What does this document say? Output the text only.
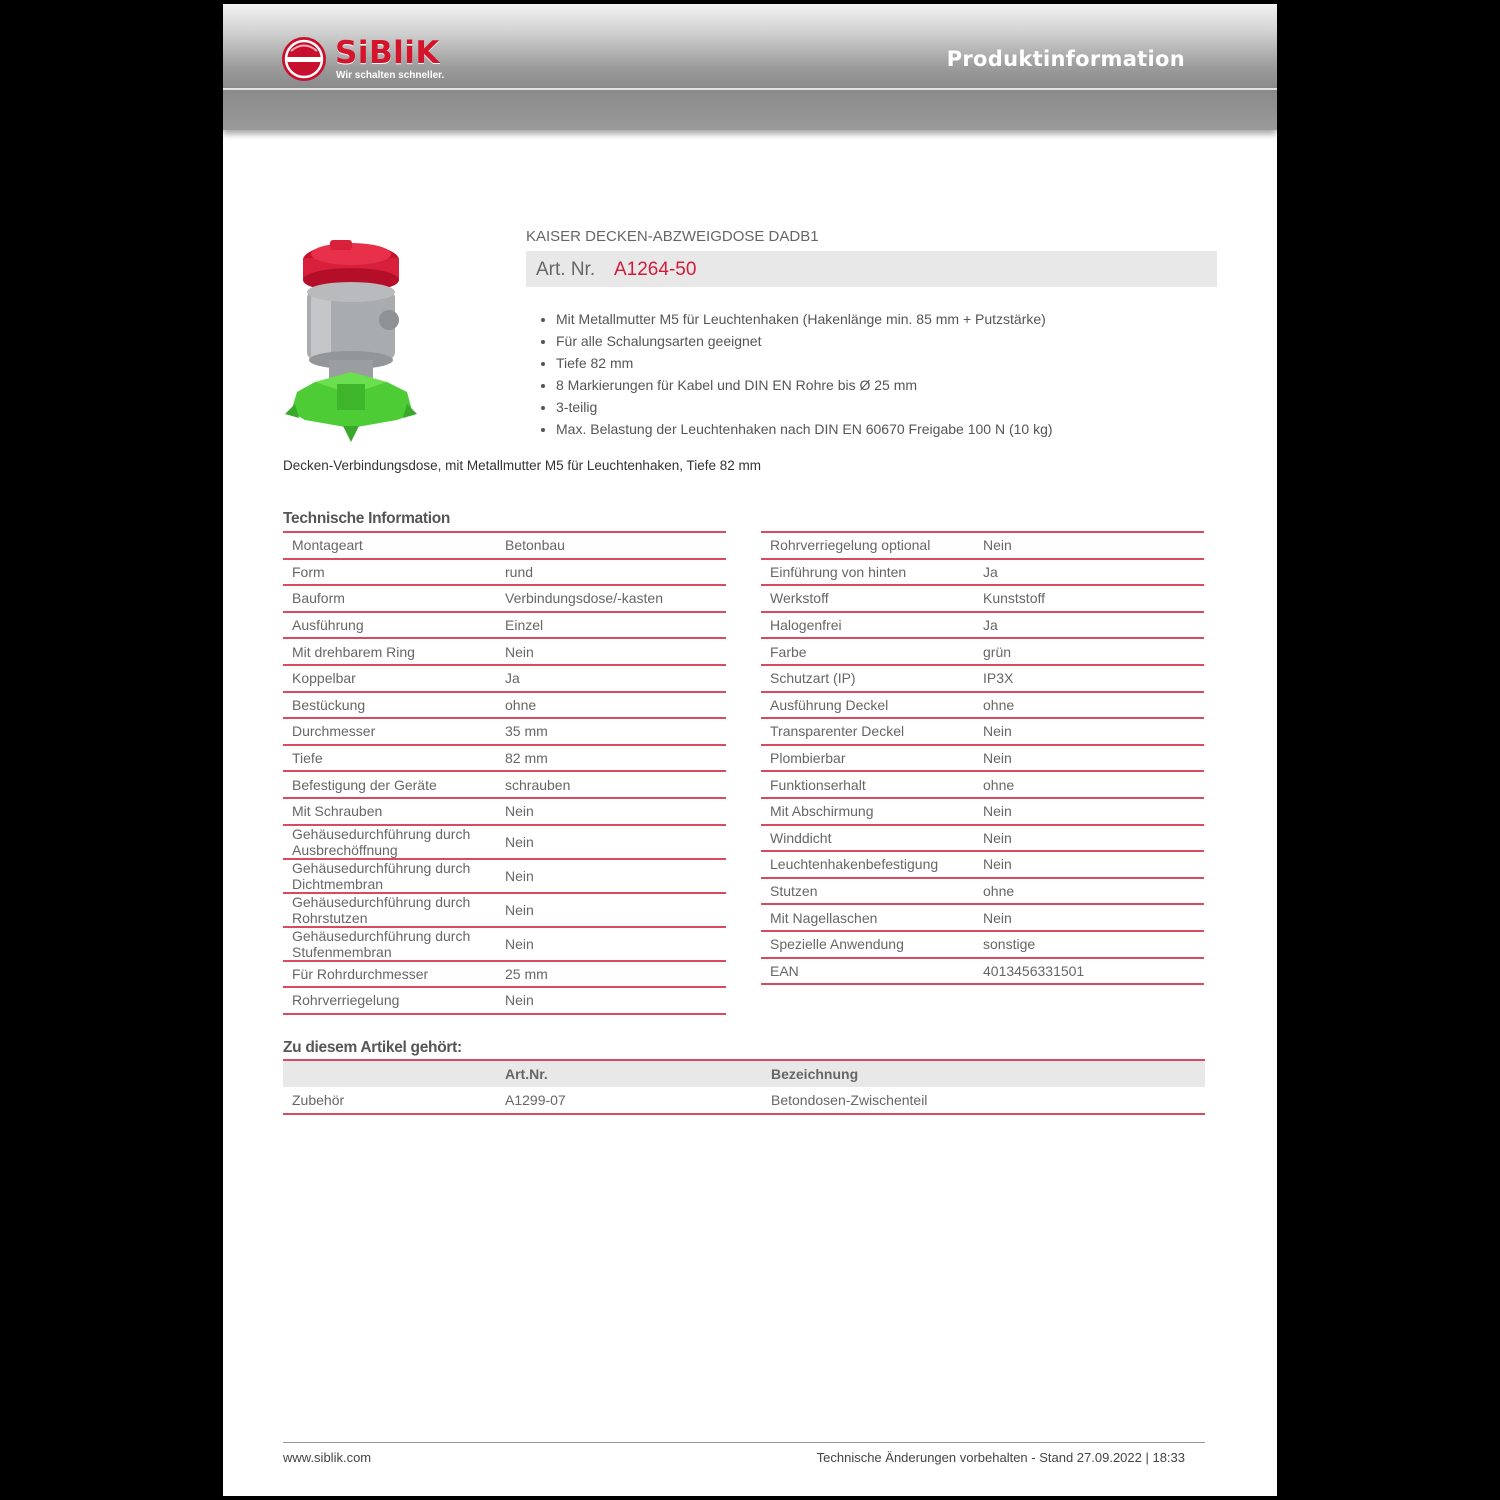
SiBliK
Wir schalten schneller.
Produktinformation
KAISER DECKEN-ABZWEIGDOSE DADB1
Art. Nr. A1264-50
• Mit Metallmutter M5 für Leuchtenhaken (Hakenlänge min. 85 mm + Putzstärke)
• Für alle Schalungsarten geeignet
• Tiefe 82 mm
• 8 Markierungen für Kabel und DIN EN Rohre bis Ø 25 mm
• 3-teilig
• Max. Belastung der Leuchtenhaken nach DIN EN 60670 Freigabe 100 N (10 kg)
Decken-Verbindungsdose, mit Metallmutter M5 für Leuchtenhaken, Tiefe 82 mm
Technische Information
Montageart	Betonbau
Form	rund
Bauform	Verbindungsdose/-kasten
Ausführung	Einzel
Mit drehbarem Ring	Nein
Koppelbar	Ja
Bestückung	ohne
Durchmesser	35 mm
Tiefe	82 mm
Befestigung der Geräte	schrauben
Mit Schrauben	Nein
Gehäusedurchführung durch Ausbrechöffnung	Nein
Gehäusedurchführung durch Dichtmembran	Nein
Gehäusedurchführung durch Rohrstutzen	Nein
Gehäusedurchführung durch Stufenmembran	Nein
Für Rohrdurchmesser	25 mm
Rohrverriegelung	Nein
Rohrverriegelung optional	Nein
Einführung von hinten	Ja
Werkstoff	Kunststoff
Halogenfrei	Ja
Farbe	grün
Schutzart (IP)	IP3X
Ausführung Deckel	ohne
Transparenter Deckel	Nein
Plombierbar	Nein
Funktionserhalt	ohne
Mit Abschirmung	Nein
Winddicht	Nein
Leuchtenhakenbefestigung	Nein
Stutzen	ohne
Mit Nagellaschen	Nein
Spezielle Anwendung	sonstige
EAN	4013456331501
Zu diesem Artikel gehört:
	Art.Nr.	Bezeichnung
Zubehör	A1299-07	Betondosen-Zwischenteil
www.siblik.com	Technische Änderungen vorbehalten - Stand 27.09.2022 | 18:33
